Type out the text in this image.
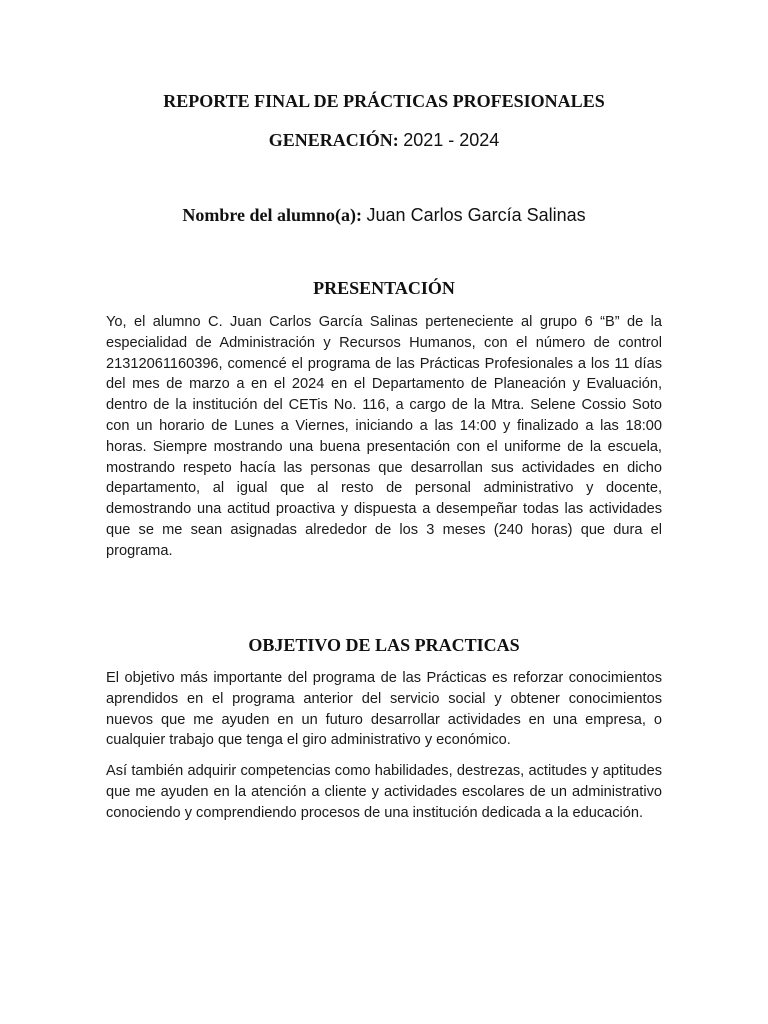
REPORTE FINAL DE PRÁCTICAS PROFESIONALES
GENERACIÓN: 2021 - 2024
Nombre del alumno(a): Juan Carlos García Salinas
PRESENTACIÓN

Yo, el alumno C. Juan Carlos García Salinas perteneciente al grupo 6 “B” de la especialidad de Administración y Recursos Humanos, con el número de control 21312061160396, comencé el programa de las Prácticas Profesionales a los 11 días del mes de marzo a en el 2024 en el Departamento de Planeación y Evaluación, dentro de la institución del CETis No. 116, a cargo de la Mtra. Selene Cossio Soto con un horario de Lunes a Viernes, iniciando a las 14:00 y finalizado a las 18:00 horas. Siempre mostrando una buena presentación con el uniforme de la escuela, mostrando respeto hacía las personas que desarrollan sus actividades en dicho departamento, al igual que al resto de personal administrativo y docente, demostrando una actitud proactiva y dispuesta a desempeñar todas las actividades que se me sean asignadas alrededor de los 3 meses (240 horas) que dura el programa.

OBJETIVO DE LAS PRACTICAS

El objetivo más importante del programa de las Prácticas es reforzar conocimientos aprendidos en el programa anterior del servicio social y obtener conocimientos nuevos que me ayuden en un futuro desarrollar actividades en una empresa, o cualquier trabajo que tenga el giro administrativo y económico.

Así también adquirir competencias como habilidades, destrezas, actitudes y aptitudes que me ayuden en la atención a cliente y actividades escolares de un administrativo conociendo y comprendiendo procesos de una institución dedicada a la educación.
